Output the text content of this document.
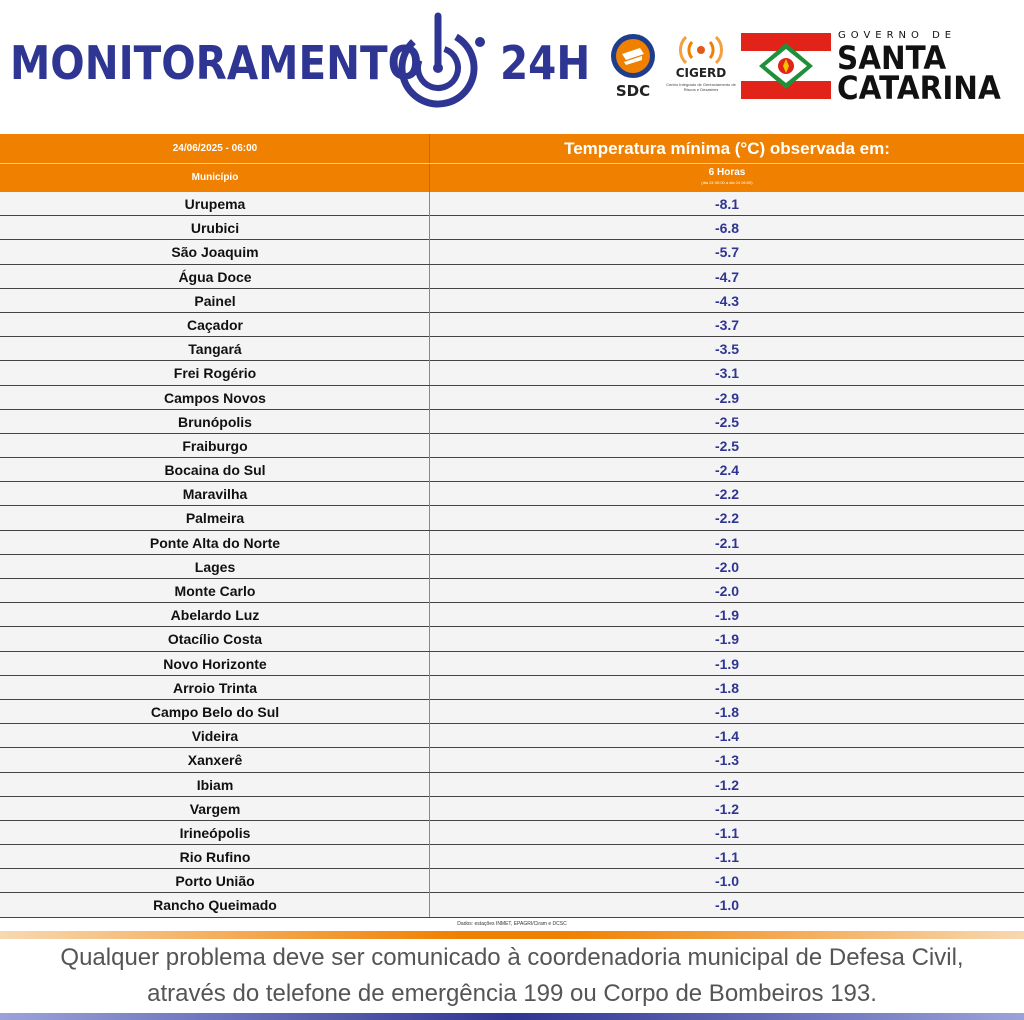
MONITORAMENTO 24H
SDC
CIGERD
Centro Integrado de Gerenciamento de Riscos e Desastres
GOVERNO DE
SANTA
CATARINA
24/06/2025 - 06:00	Temperatura mínima (°C) observada em:
Município	6 Horas
(dia 24 00:00 a dia 24 06:00)
Urupema	-8.1
Urubici	-6.8
São Joaquim	-5.7
Água Doce	-4.7
Painel	-4.3
Caçador	-3.7
Tangará	-3.5
Frei Rogério	-3.1
Campos Novos	-2.9
Brunópolis	-2.5
Fraiburgo	-2.5
Bocaina do Sul	-2.4
Maravilha	-2.2
Palmeira	-2.2
Ponte Alta do Norte	-2.1
Lages	-2.0
Monte Carlo	-2.0
Abelardo Luz	-1.9
Otacílio Costa	-1.9
Novo Horizonte	-1.9
Arroio Trinta	-1.8
Campo Belo do Sul	-1.8
Videira	-1.4
Xanxerê	-1.3
Ibiam	-1.2
Vargem	-1.2
Irineópolis	-1.1
Rio Rufino	-1.1
Porto União	-1.0
Rancho Queimado	-1.0
Dados: estações INMET, EPAGRI/Ciram e DCSC
Qualquer problema deve ser comunicado à coordenadoria municipal de Defesa Civil,
através do telefone de emergência 199 ou Corpo de Bombeiros 193.
